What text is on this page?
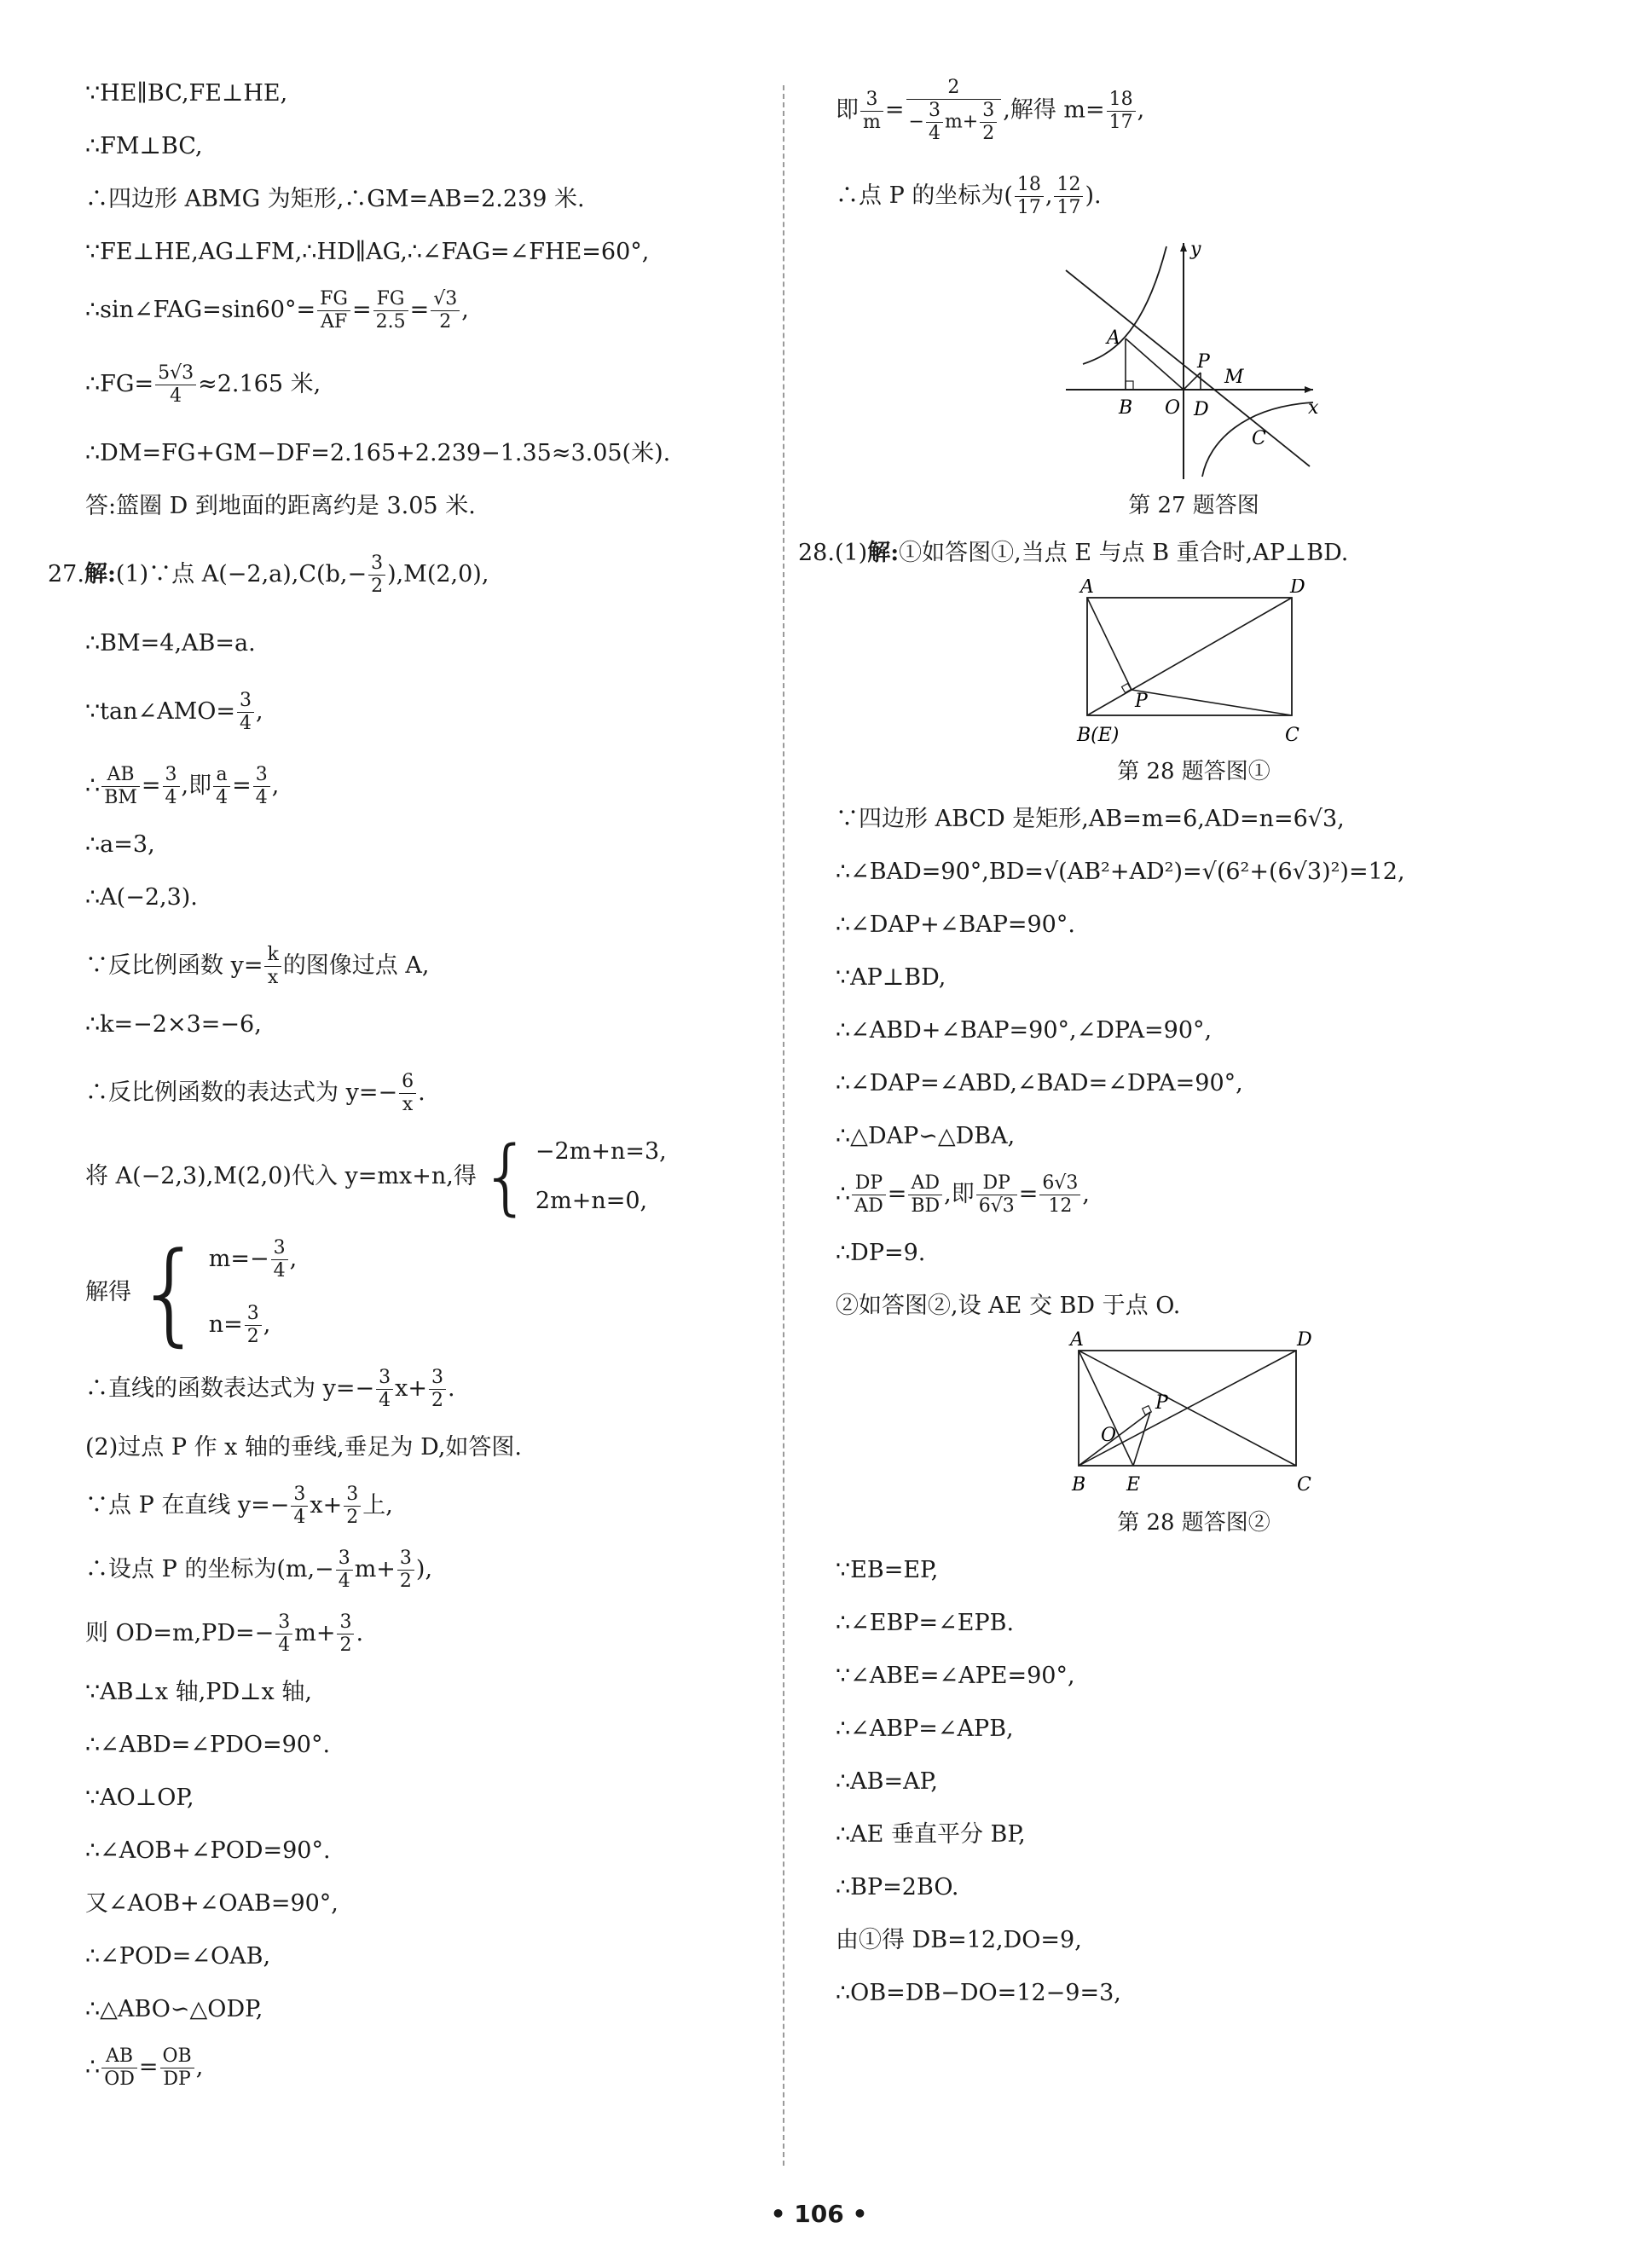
∵HE∥BC,FE⊥HE,

∴FM⊥BC,

∴四边形 ABMG 为矩形,∴GM=AB=2.239 米.

∵FE⊥HE,AG⊥FM,∴HD∥AG,∴∠FAG=∠FHE=60°,

∴sin∠FAG=sin60°= $\frac{FG}{AF} = \frac{FG}{2.5} = \frac{√3}{2}$ ,

∴FG= $\frac{5√3}{4} \approx 2.165$ 米,

∴DM=FG+GM−DF=2.165+2.239−1.35≈3.05(米).

答:篮圈 D 到地面的距离约是 3.05 米.

27.解:(1)∵点 $A(-2,a),C(b,- \frac{3}{2} ),M(2,0)$,

∴BM=4,AB=a.

∵tan∠AMO= $\frac{3}{4}$ ,

∴ $\frac{AB}{BM} = \frac{3}{4}$ ,即 $\frac{a}{4} = \frac{3}{4}$ ,

∴a=3,

∴A(−2,3).

∵反比例函数 $y= \frac{k}{x}$ 的图像过点 A,

∴k=−2×3=−6,

∴反比例函数的表达式为 $y=- \frac{6}{x}$ .

将 A(−2,3),M(2,0)代入 y=mx+n,得 { −2m+n=3,
2m+n=0,
解得 { $m=- \frac{3}{4}$ ,
$n= \frac{3}{2}$ ,

∴直线的函数表达式为 $y=- \frac{3}{4} x+ \frac{3}{2}$ .

(2)过点 P 作 x 轴的垂线,垂足为 D,如答图.

∵点 P 在直线 $y=- \frac{3}{4} x+ \frac{3}{2}$ 上,

∴设点 P 的坐标为($m,- \frac{3}{4} m+ \frac{3}{2}$ ),

则 $OD=m,PD=- \frac{3}{4} m+ \frac{3}{2}$ .

∵AB⊥x 轴,PD⊥x 轴,

∴∠ABD=∠PDO=90°.

∵AO⊥OP,

∴∠AOB+∠POD=90°.

又∠AOB+∠OAB=90°,

∴∠POD=∠OAB,

∴△ABO∽△ODP,

∴ $\frac{AB}{OD} = \frac{OB}{DP}$ ,

即 $\frac{3}{m} = \frac{2}{- \frac{3}{4} m+ \frac{3}{2}}$ ,解得 $m= \frac{18}{17}$ ,

∴点 P 的坐标为( $\frac{18}{17}$ , $\frac{12}{17}$ ).

A
y
x
B O D
P
M
C

第 27 题答图

28.(1)解:①如答图①,当点 E 与点 B 重合时,AP⊥BD.

A	D
B(E)	C
P

第 28 题答图①

∵四边形 ABCD 是矩形,AB=m=6,AD=n=6√3,

∴∠BAD=90°,BD=√(AB²+AD²)=√(6²+(6√3)²)=12,

∴∠DAP+∠BAP=90°.

∵AP⊥BD,

∴∠ABD+∠BAP=90°,∠DPA=90°,

∴∠DAP=∠ABD,∠BAD=∠DPA=90°,

∴△DAP∽△DBA,

∴ $\frac{DP}{AD} = \frac{AD}{BD}$ ,即 $\frac{DP}{6√3} = \frac{6√3}{12}$ ,

∴DP=9.

②如答图②,设 AE 交 BD 于点 O.

A	D
B E	C
P
O

第 28 题答图②

∵EB=EP,

∴∠EBP=∠EPB.

∵∠ABE=∠APE=90°,

∴∠ABP=∠APB,

∴AB=AP,

∴AE 垂直平分 BP,

∴BP=2BO.

由①得 DB=12,DO=9,

∴OB=DB−DO=12−9=3,

• 106 •
